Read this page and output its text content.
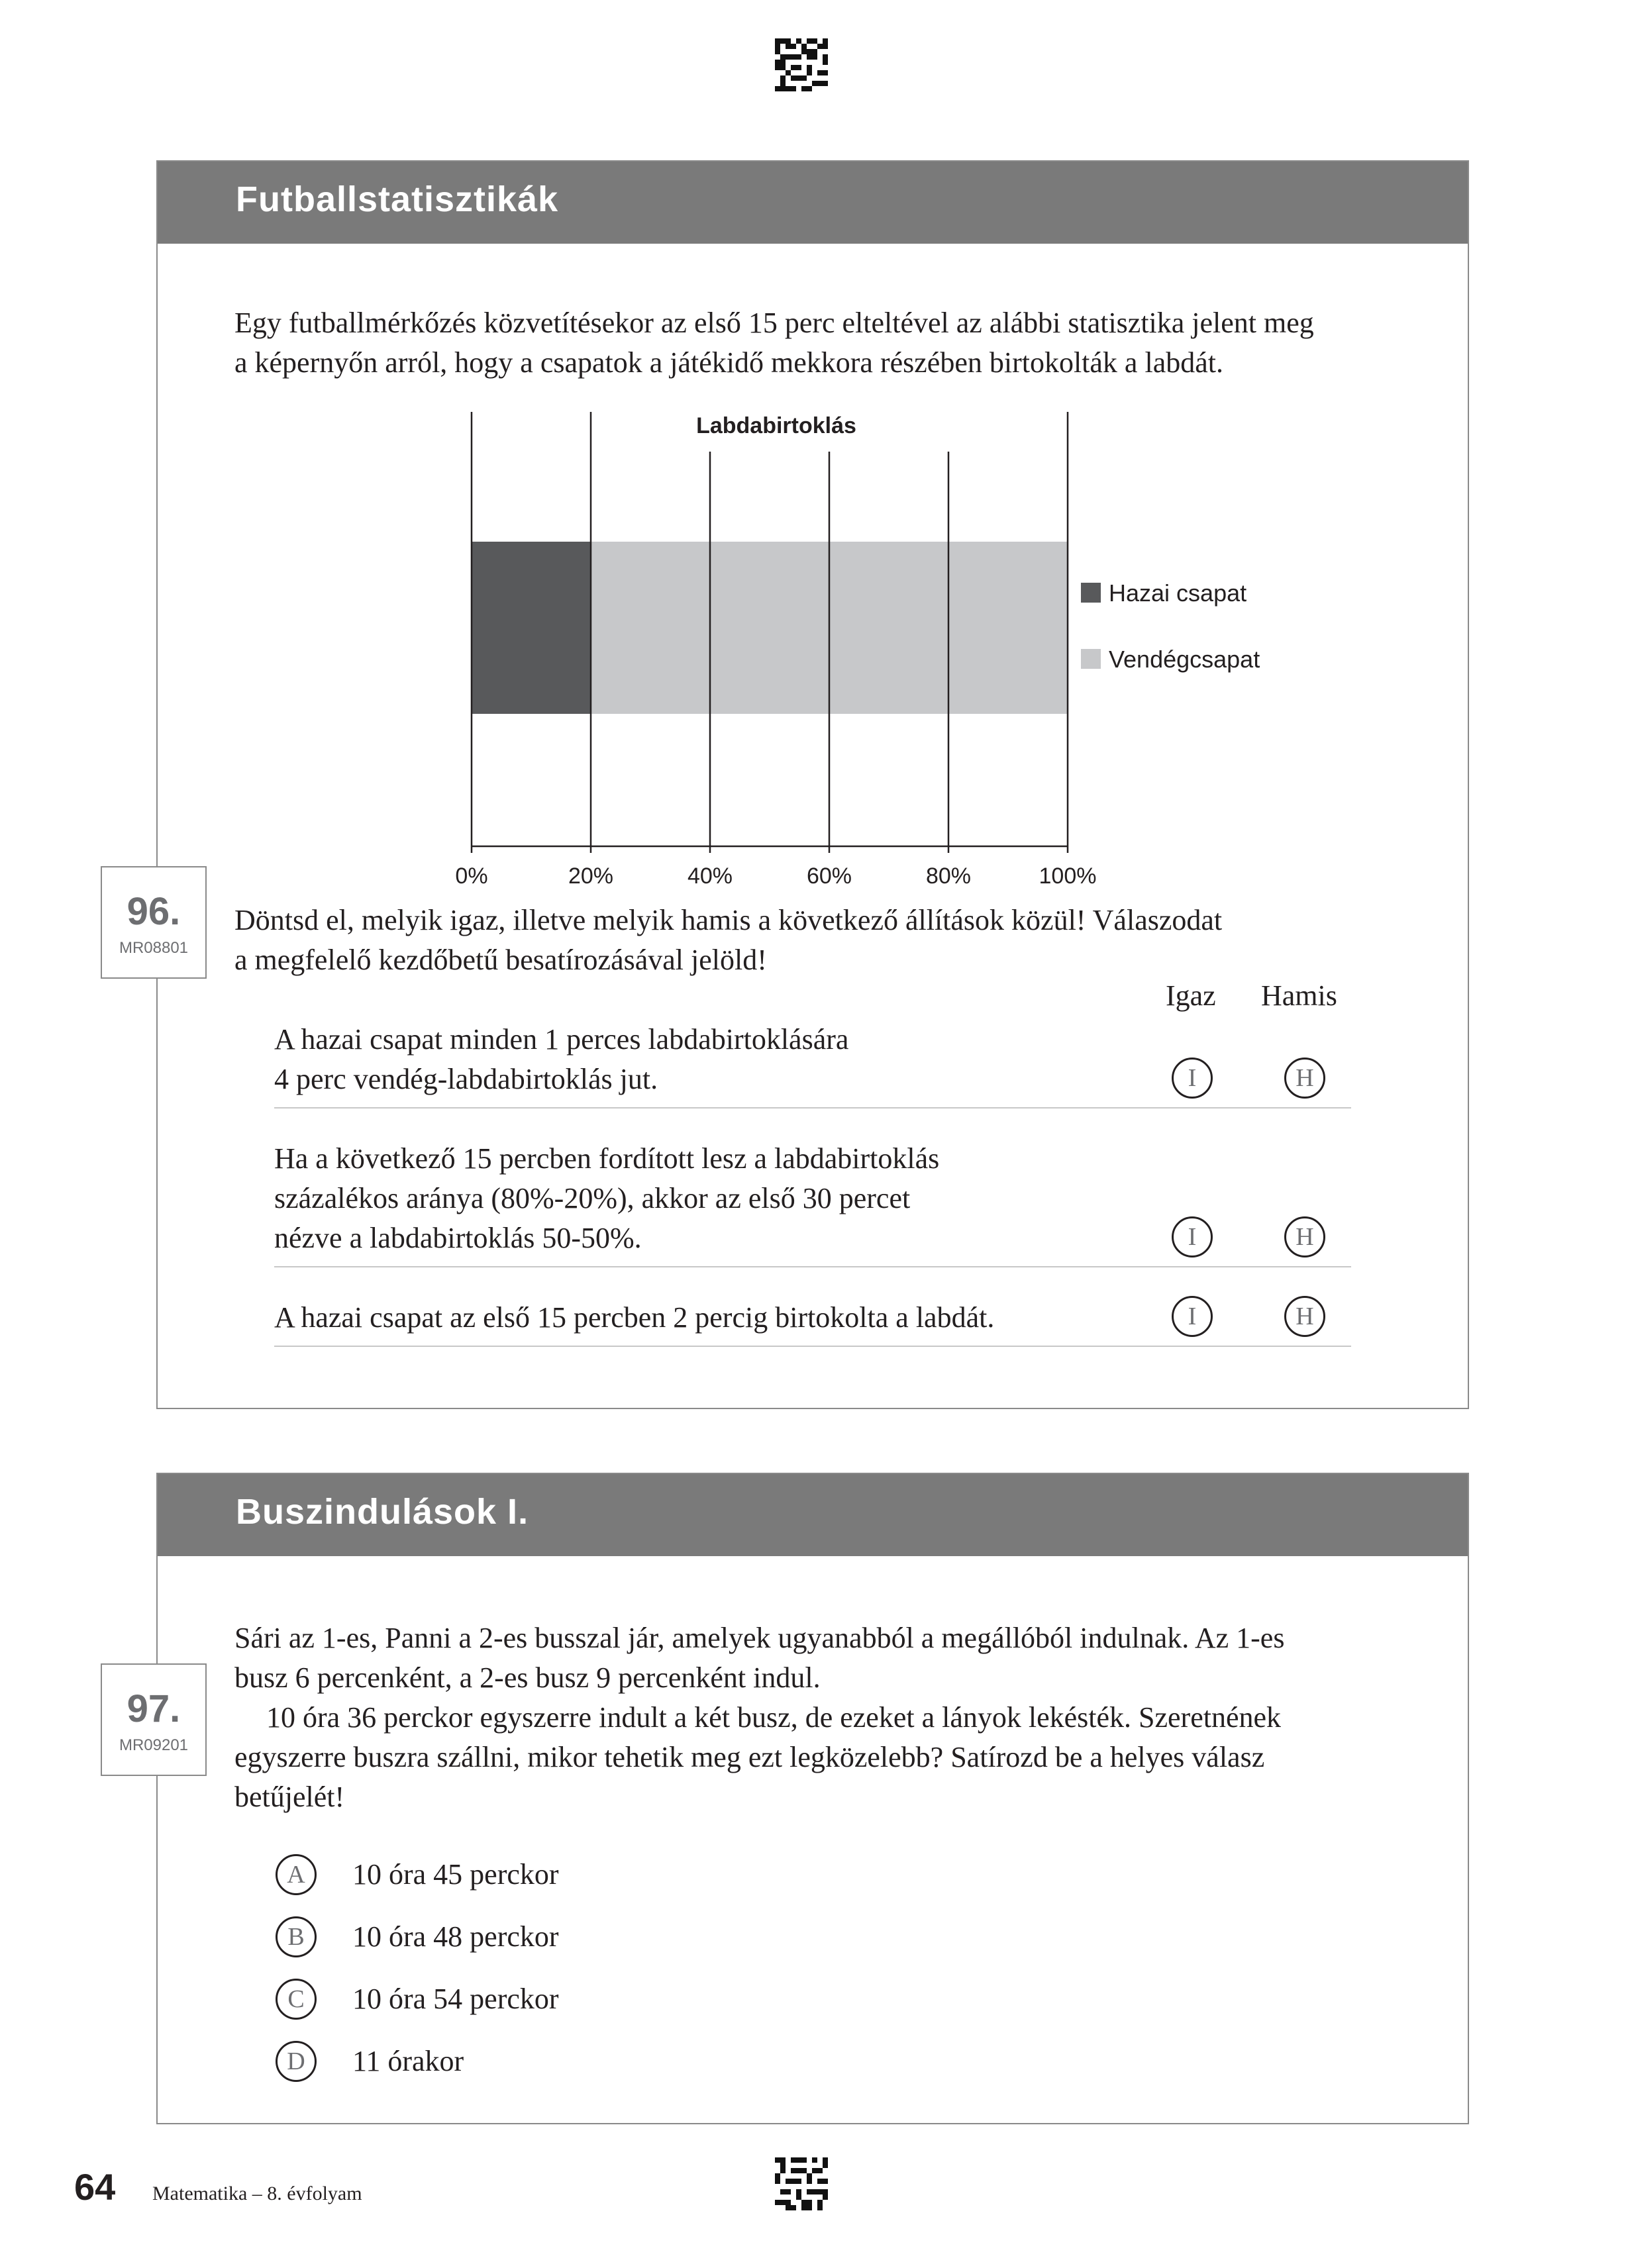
Futballstatisztikák

Egy futballmérkőzés közvetítésekor az első 15 perc elteltével az alábbi statisztika jelent meg

a képernyőn arról, hogy a csapatok a játékidő mekkora részében birtokolták a labdát.

0%	20%	40%	60%	80%	100%
Labdabirtoklás
Hazai csapat
Vendégcsapat
96.
MR08801

Döntsd el, melyik igaz, illetve melyik hamis a következő állítások közül! Válaszodat

a megfelelő kezdőbetű besatírozásával jelöld!

Igaz Hamis

A hazai csapat minden 1 perces labdabirtoklására

4 perc vendég-labdabirtoklás jut.	I	H

Ha a következő 15 percben fordított lesz a labdabirtoklás

százalékos aránya (80%-20%), akkor az első 30 percet

nézve a labdabirtoklás 50-50%.	I	H

A hazai csapat az első 15 percben 2 percig birtokolta a labdát.	I	H
Buszindulások I.
97.
MR09201

Sári az 1-es, Panni a 2-es busszal jár, amelyek ugyanabból a megállóból indulnak. Az 1-es

busz 6 percenként, a 2-es busz 9 percenként indul.

10 óra 36 perckor egyszerre indult a két busz, de ezeket a lányok lekésték. Szeretnének

egyszerre buszra szállni, mikor tehetik meg ezt legközelebb? Satírozd be a helyes válasz

betűjelét!

A	10 óra 45 perckor
B	10 óra 48 perckor
C	10 óra 54 perckor
D	11 órakor
64 Matematika – 8. évfolyam
